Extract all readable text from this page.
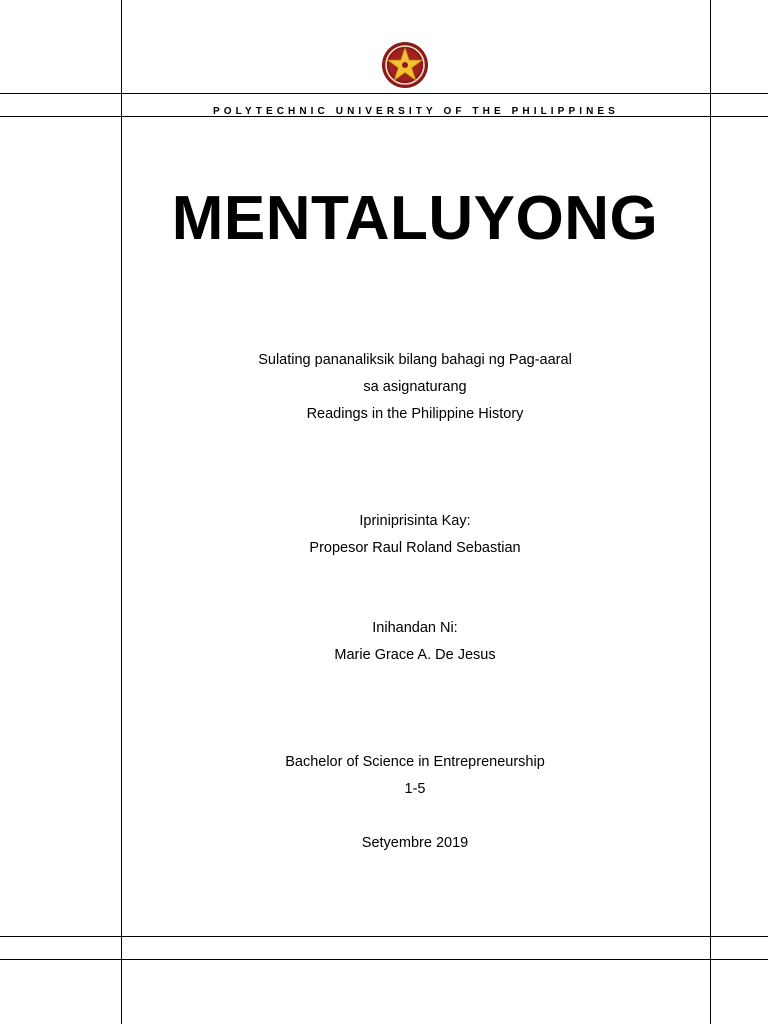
POLYTECHNIC UNIVERSITY OF THE PHILIPPINES
MENTALUYONG
Sulating pananaliksik bilang bahagi ng Pag-aaral
sa asignaturang
Readings in the Philippine History
Ipriniprisinta Kay:
Propesor Raul Roland Sebastian
Inihandan Ni:
Marie Grace A. De Jesus
Bachelor of Science in Entrepreneurship
1-5
Setyembre 2019
